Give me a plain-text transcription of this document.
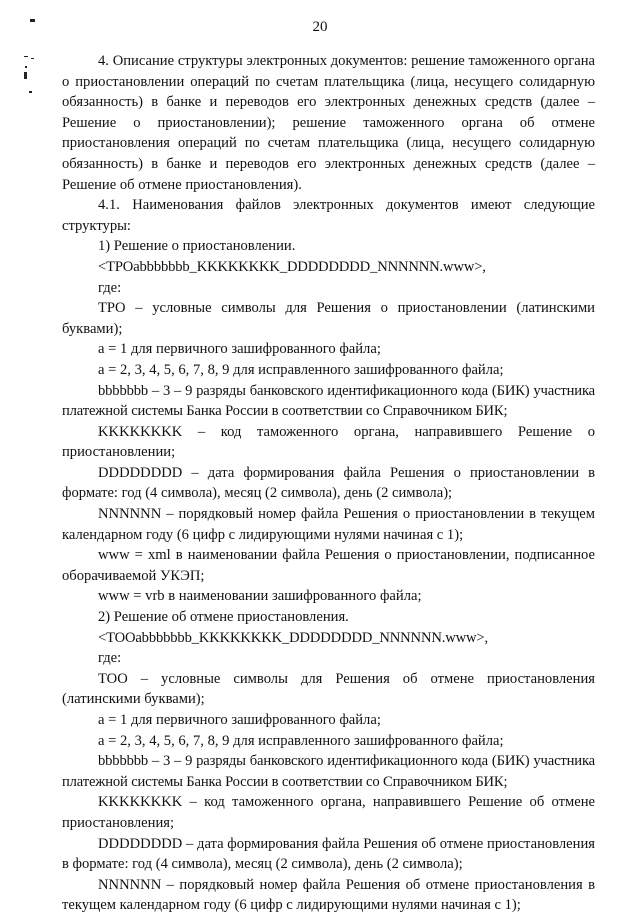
20

4. Описание структуры электронных документов: решение таможенного органа о приостановлении операций по счетам плательщика (лица, несущего солидарную обязанность) в банке и переводов его электронных денежных средств (далее – Решение о приостановлении); решение таможенного органа об отмене приостановления операций по счетам плательщика (лица, несущего солидарную обязанность) в банке и переводов его электронных денежных средств (далее – Решение об отмене приостановления).

4.1. Наименования файлов электронных документов имеют следующие структуры:

1) Решение о приостановлении.

<TPOabbbbbbb_KKKKKKKK_DDDDDDDD_NNNNNN.www>,

где:

TPO – условные символы для Решения о приостановлении (латинскими буквами);

a = 1 для первичного зашифрованного файла;

a = 2, 3, 4, 5, 6, 7, 8, 9 для исправленного зашифрованного файла;

bbbbbbb – 3 – 9 разряды банковского идентификационного кода (БИК) участника платежной системы Банка России в соответствии со Справочником БИК;

KKKKKKKK – код таможенного органа, направившего Решение о приостановлении;

DDDDDDDD – дата формирования файла Решения о приостановлении в формате: год (4 символа), месяц (2 символа), день (2 символа);

NNNNNN – порядковый номер файла Решения о приостановлении в текущем календарном году (6 цифр с лидирующими нулями начиная с 1);

www = xml в наименовании файла Решения о приостановлении, подписанное оборачиваемой УКЭП;

www = vrb в наименовании зашифрованного файла;

2) Решение об отмене приостановления.

<TOOabbbbbbb_KKKKKKKK_DDDDDDDD_NNNNNN.www>,

где:

TOO – условные символы для Решения об отмене приостановления (латинскими буквами);

a = 1 для первичного зашифрованного файла;

a = 2, 3, 4, 5, 6, 7, 8, 9 для исправленного зашифрованного файла;

bbbbbbb – 3 – 9 разряды банковского идентификационного кода (БИК) участника платежной системы Банка России в соответствии со Справочником БИК;

KKKKKKKK – код таможенного органа, направившего Решение об отмене приостановления;

DDDDDDDD – дата формирования файла Решения об отмене приостановления в формате: год (4 символа), месяц (2 символа), день (2 символа);

NNNNNN – порядковый номер файла Решения об отмене приостановления в текущем календарном году (6 цифр с лидирующими нулями начиная с 1);
